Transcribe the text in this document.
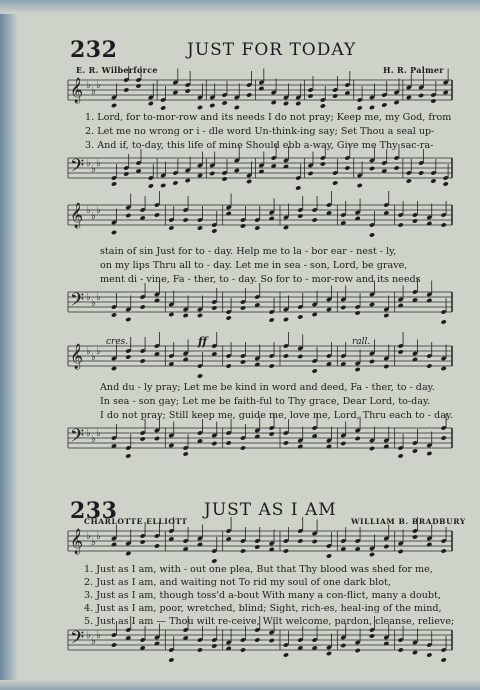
232	JUST FOR TODAY
E. R. Wilberforce	H. R. Palmer
𝄞 ♭
♭
♭
𝄢 ♭
♭
♭
𝄞 ♭
♭
♭
𝄢 ♭
♭
♭
𝄞 ♭
♭
♭
𝄢 ♭
♭
♭
𝄞 ♭
♭
♭
𝄢 ♭
♭
♭
1. Lord, for to-mor-row and its needs I do not pray; Keep me, my God, from
2. Let me no wrong or i - dle word Un-think-ing say; Set Thou a seal up-
3. And if, to-day, this life of mine Should ebb a-way, Give me Thy sac-ra-
stain of sin Just for to - day. Help me to la - bor ear - nest - ly,
on my lips Thru all to - day. Let me in sea - son, Lord, be grave,
ment di - vine, Fa - ther, to - day. So for to - mor-row and its needs
cres.	ff	rall.
And du - ly pray; Let me be kind in word and deed, Fa - ther, to - day.
In sea - son gay; Let me be faith-ful to Thy grace, Dear Lord, to-day.
I do not pray; Still keep me, guide me, love me, Lord, Thru each to - day.
233	JUST AS I AM
CHARLOTTE ELLIOTT	WILLIAM B. BRADBURY
1. Just as I am, with - out one plea, But that Thy blood was shed for me,
2. Just as I am, and waiting not To rid my soul of one dark blot,
3. Just as I am, though toss'd a-bout With many a con-flict, many a doubt,
4. Just as I am, poor, wretched, blind; Sight, rich-es, heal-ing of the mind,
5. Just as I am — Thou wilt re-ceive, Wilt welcome, pardon, cleanse, relieve;
